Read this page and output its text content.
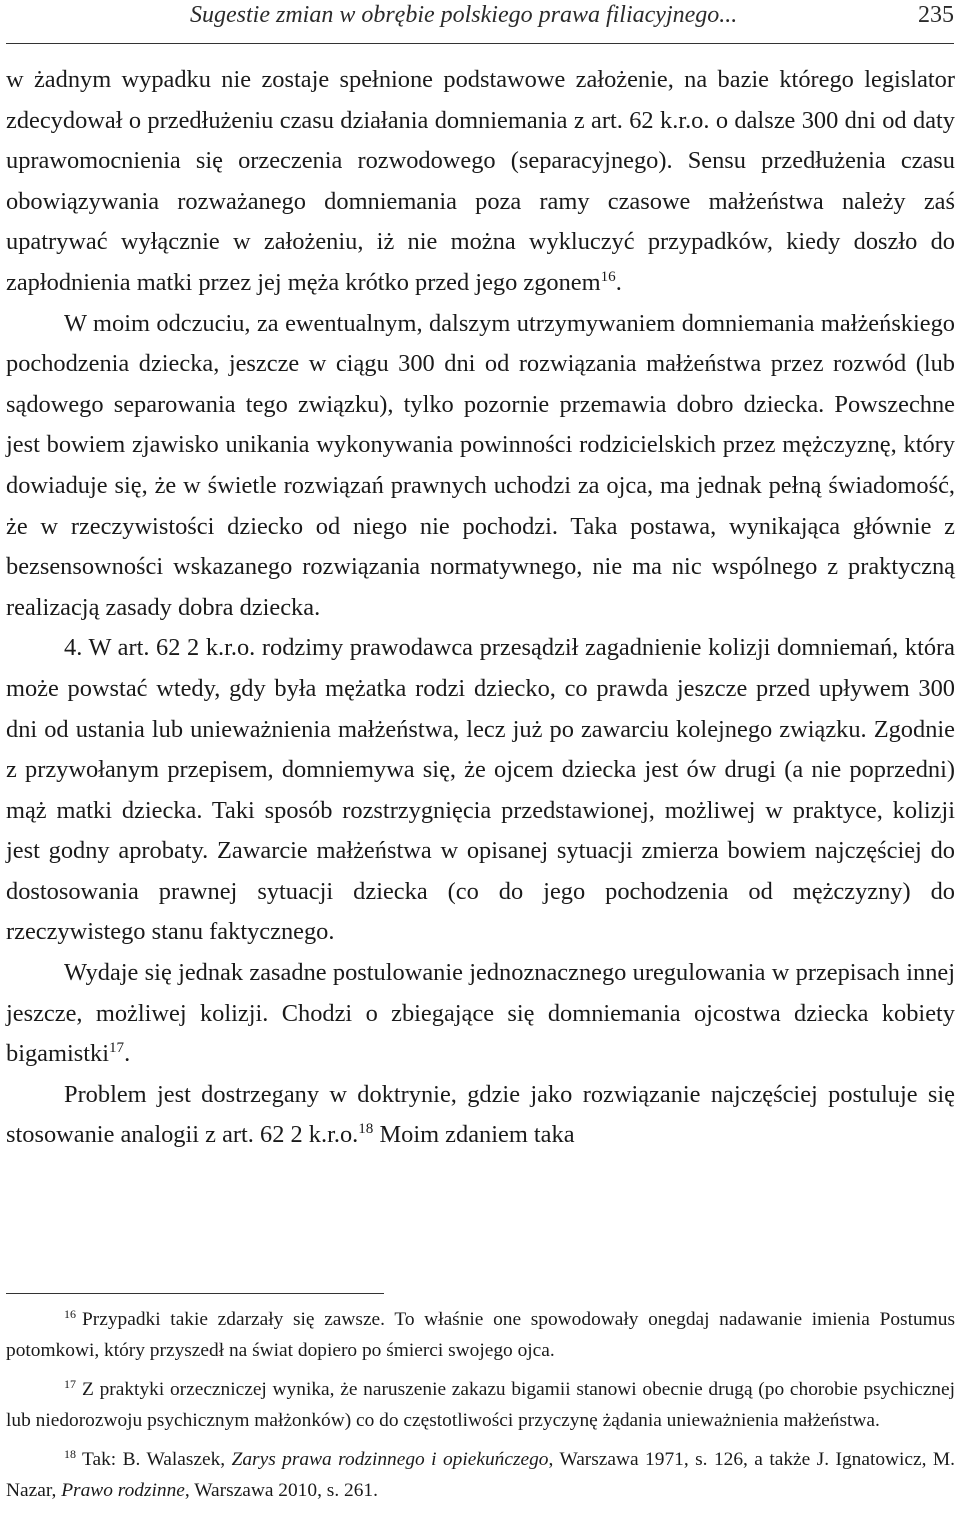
Sugestie zmian w obrębie polskiego prawa filiacyjnego...	235

w żadnym wypadku nie zostaje spełnione podstawowe założenie, na bazie którego legislator zdecydował o przedłużeniu czasu działania domniemania z art. 62 k.r.o. o dalsze 300 dni od daty uprawomocnienia się orzeczenia rozwodowego (separacyjnego). Sensu przedłużenia czasu obowiązywania rozważanego domniemania poza ramy czasowe małżeństwa należy zaś upatrywać wyłącznie w założeniu, iż nie można wykluczyć przypadków, kiedy doszło do zapłodnienia matki przez jej męża krótko przed jego zgonem$^{16}$.

W moim odczuciu, za ewentualnym, dalszym utrzymywaniem domniemania małżeńskiego pochodzenia dziecka, jeszcze w ciągu 300 dni od rozwiązania małżeństwa przez rozwód (lub sądowego separowania tego związku), tylko pozornie przemawia dobro dziecka. Powszechne jest bowiem zjawisko unikania wykonywania powinności rodzicielskich przez mężczyznę, który dowiaduje się, że w świetle rozwiązań prawnych uchodzi za ojca, ma jednak pełną świadomość, że w rzeczywistości dziecko od niego nie pochodzi. Taka postawa, wynikająca głównie z bezsensowności wskazanego rozwiązania normatywnego, nie ma nic wspólnego z praktyczną realizacją zasady dobra dziecka.

4. W art. 62 2 k.r.o. rodzimy prawodawca przesądził zagadnienie kolizji domniemań, która może powstać wtedy, gdy była mężatka rodzi dziecko, co prawda jeszcze przed upływem 300 dni od ustania lub unieważnienia małżeństwa, lecz już po zawarciu kolejnego związku. Zgodnie z przywołanym przepisem, domniemywa się, że ojcem dziecka jest ów drugi (a nie poprzedni) mąż matki dziecka. Taki sposób rozstrzygnięcia przedstawionej, możliwej w praktyce, kolizji jest godny aprobaty. Zawarcie małżeństwa w opisanej sytuacji zmierza bowiem najczęściej do dostosowania prawnej sytuacji dziecka (co do jego pochodzenia od mężczyzny) do rzeczywistego stanu faktycznego.

Wydaje się jednak zasadne postulowanie jednoznacznego uregulowania w przepisach innej jeszcze, możliwej kolizji. Chodzi o zbiegające się domniemania ojcostwa dziecka kobiety bigamistki$^{17}$.

Problem jest dostrzegany w doktrynie, gdzie jako rozwiązanie najczęściej postuluje się stosowanie analogii z art. 62 2 k.r.o.$^{18}$ Moim zdaniem taka

$^{16}$ Przypadki takie zdarzały się zawsze. To właśnie one spowodowały onegdaj nadawanie imienia Postumus potomkowi, który przyszedł na świat dopiero po śmierci swojego ojca.

$^{17}$ Z praktyki orzeczniczej wynika, że naruszenie zakazu bigamii stanowi obecnie drugą (po chorobie psychicznej lub niedorozwoju psychicznym małżonków) co do częstotliwości przyczynę żądania unieważnienia małżeństwa.

$^{18}$ Tak: B. Walaszek, Zarys prawa rodzinnego i opiekuńczego, Warszawa 1971, s. 126, a także J. Ignatowicz, M. Nazar, Prawo rodzinne, Warszawa 2010, s. 261.
